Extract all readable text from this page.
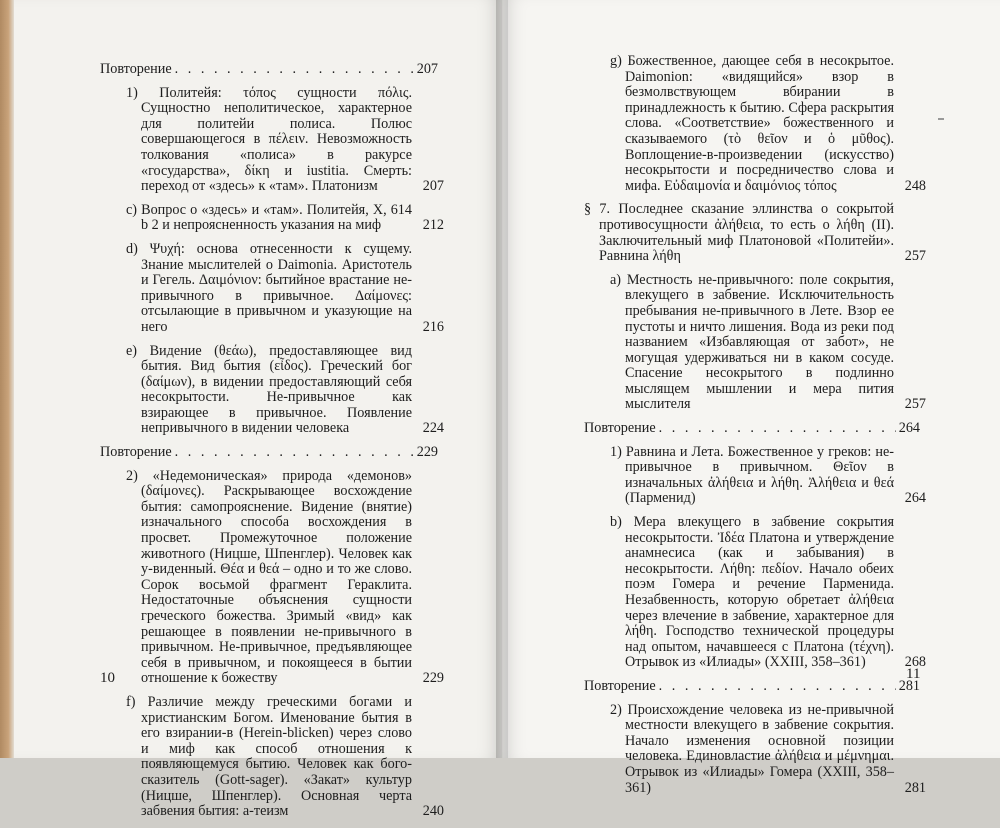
Повторение . . .	207
1) Политейя: τόπος сущности πόλις. Сущностно неполитическое, характерное для политейи полиса. Полюс совершающегося в πέλειν. Невозможность толкования «полиса» в ракурсе «государства», δίκη и iustitia. Смерть: переход от «здесь» к «там». Платонизм	207
c) Вопрос о «здесь» и «там». Политейя, X, 614 b 2 и непроясненность указания на миф	212
d) Ψυχή: основа отнесенности к сущему. Знание мыслителей о Daimonia. Аристотель и Гегель. Δαιμόνιον: бытийное врастание не-привычного в привычное. Δαίμονες: отсылающие в привычном и указующие на него	216
e) Видение (θεάω), предоставляющее вид бытия. Вид бытия (εἶδος). Греческий бог (δαίμων), в видении предоставляющий себя несокрытости. Не-привычное как взирающее в привычное. Появление непривычного в видении человека	224
Повторение . . .	229
2) «Недемоническая» природа «демонов» (δαίμονες). Раскрывающее восхождение бытия: самопрояснение. Видение (внятие) изначального способа восхождения в просвет. Промежуточное положение животного (Ницше, Шпенглер). Человек как у-виденный. Θέα и θεά – одно и то же слово. Сорок восьмой фрагмент Гераклита. Недостаточные объяснения сущности греческого божества. Зримый «вид» как решающее в появлении не-привычного в привычном. Не-привычное, предъявляющее себя в привычном, и покоящееся в бытии отношение к божеству	229
f) Различие между греческими богами и христианским Богом. Именование бытия в его взирании-в (Herein-blicken) через слово и миф как способ отношения к появляющемуся бытию. Человек как бого-сказитель (Gott-sager). «Закат» культур (Ницше, Шпенглер). Основная черта забвения бытия: а-теизм	240
10
g) Божественное, дающее себя в несокрытое. Daimonion: «видящийся» взор в безмолвствующем вбирании в принадлежность к бытию. Сфера раскрытия слова. «Соответствие» божественного и сказываемого (τὸ θεῖον и ὁ μῦθος). Воплощение-в-произведении (искусство) несокрытости и посредничество слова и мифа. Εὐδαιμονία и δαιμόνιος τόπος	248
§ 7. Последнее сказание эллинства о сокрытой противосущности ἀλήθεια, то есть о λήθη (II). Заключительный миф Платоновой «Политейи». Равнина λήθη	257
a) Местность не-привычного: поле сокрытия, влекущего в забвение. Исключительность пребывания не-привычного в Лете. Взор ее пустоты и ничто лишения. Вода из реки под названием «Избавляющая от забот», не могущая удерживаться ни в каком сосуде. Спасение несокрытого в подлинно мыслящем мышлении и мера пития мыслителя	257
Повторение . . .	264
1) Равнина и Лета. Божественное у греков: не-привычное в привычном. Θεῖον в изначальных ἀλήθεια и λήθη. Ἀλήθεια и θεά (Парменид)	264
b) Мера влекущего в забвение сокрытия несокрытости. Ἰδέα Платона и утверждение анамнесиса (как и забывания) в несокрытости. Λήθη: πεδίον. Начало обеих поэм Гомера и речение Парменида. Незабвенность, которую обретает ἀλήθεια через влечение в забвение, характерное для λήθη. Господство технической процедуры над опытом, начавшееся с Платона (τέχνη). Отрывок из «Илиады» (XXIII, 358–361)	268
Повторение . . .	281
2) Происхождение человека из не-привычной местности влекущего в забвение сокрытия. Начало изменения основной позиции человека. Единовластие ἀλήθεια и μέμνημαι. Отрывок из «Илиады» Гомера (XXIII, 358–361)	281
11
